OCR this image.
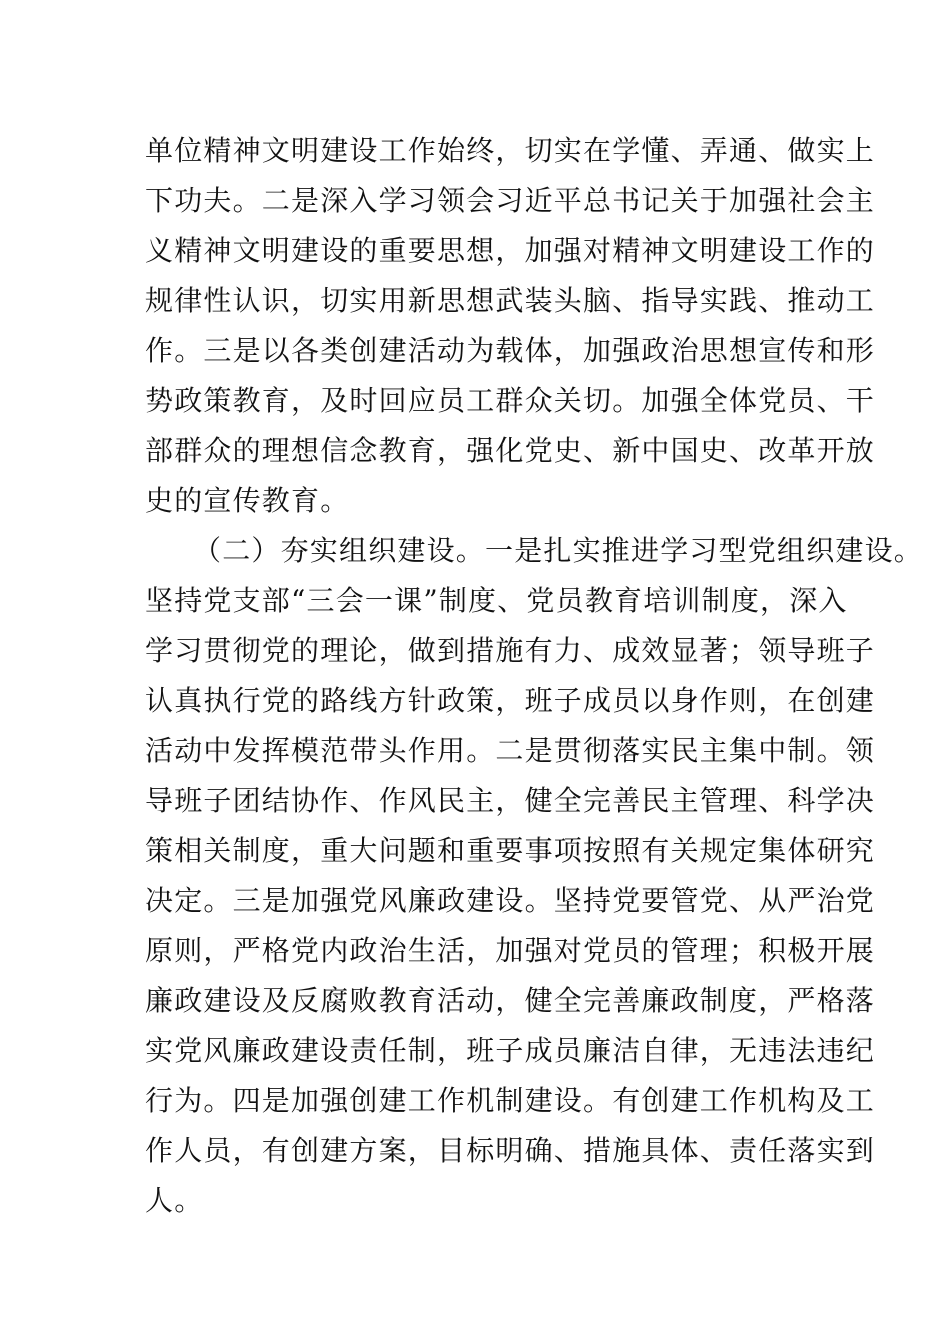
单位精神文明建设工作始终，切实在学懂、弄通、做实上
下功夫。二是深入学习领会习近平总书记关于加强社会主
义精神文明建设的重要思想，加强对精神文明建设工作的
规律性认识，切实用新思想武装头脑、指导实践、推动工
作。三是以各类创建活动为载体，加强政治思想宣传和形
势政策教育，及时回应员工群众关切。加强全体党员、干
部群众的理想信念教育，强化党史、新中国史、改革开放
史的宣传教育。
（二）夯实组织建设。一是扎实推进学习型党组织建设。
坚持党支部“三会一课”制度、党员教育培训制度，深入
学习贯彻党的理论，做到措施有力、成效显著；领导班子
认真执行党的路线方针政策，班子成员以身作则，在创建
活动中发挥模范带头作用。二是贯彻落实民主集中制。领
导班子团结协作、作风民主，健全完善民主管理、科学决
策相关制度，重大问题和重要事项按照有关规定集体研究
决定。三是加强党风廉政建设。坚持党要管党、从严治党
原则，严格党内政治生活，加强对党员的管理；积极开展
廉政建设及反腐败教育活动，健全完善廉政制度，严格落
实党风廉政建设责任制，班子成员廉洁自律，无违法违纪
行为。四是加强创建工作机制建设。有创建工作机构及工
作人员，有创建方案，目标明确、措施具体、责任落实到
人。
